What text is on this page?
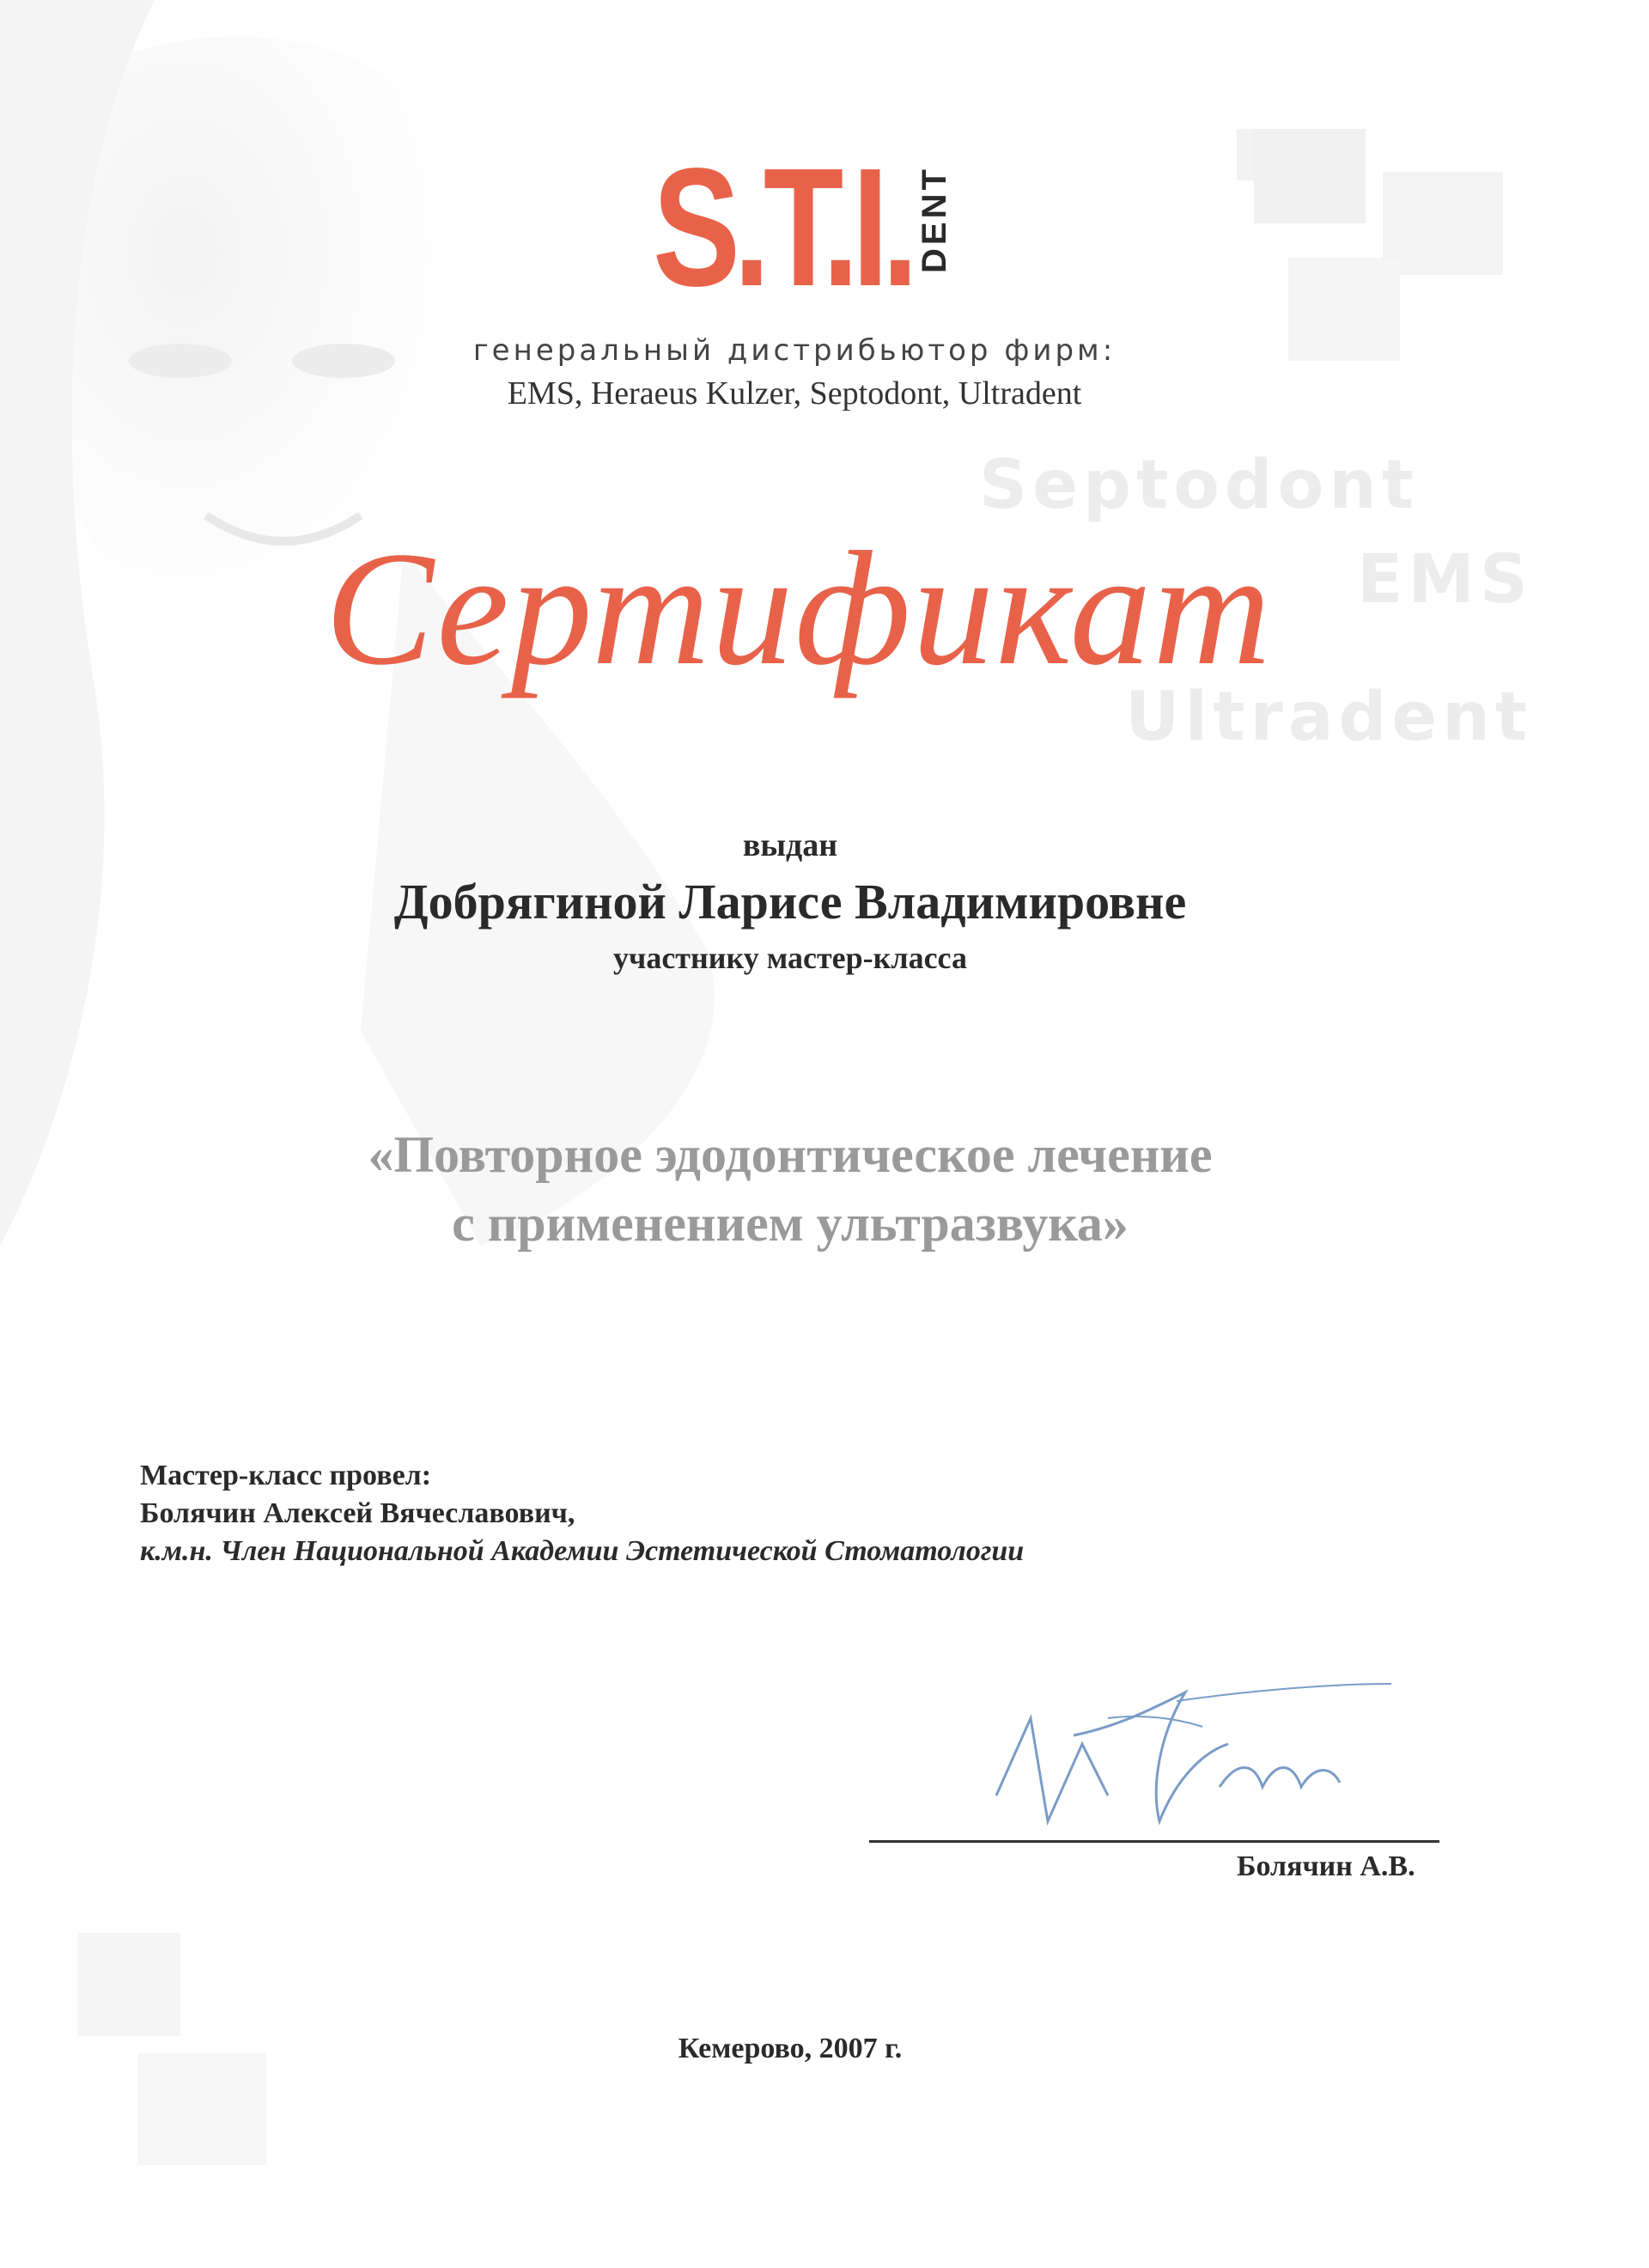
Septodont
EMS
Ultradent
S.T.I. DENT
генеральный дистрибьютор фирм:
EMS, Heraeus Kulzer, Septodont, Ultradent
Сертификат
выдан
Добрягиной Ларисе Владимировне
участнику мастер-класса
«Повторное эдодонтическое лечение
с применением ультразвука»
Мастер-класс провел:
Болячин Алексей Вячеславович,
к.м.н. Член Национальной Академии Эстетической Стоматологии
Болячин А.В.
Кемерово, 2007 г.
